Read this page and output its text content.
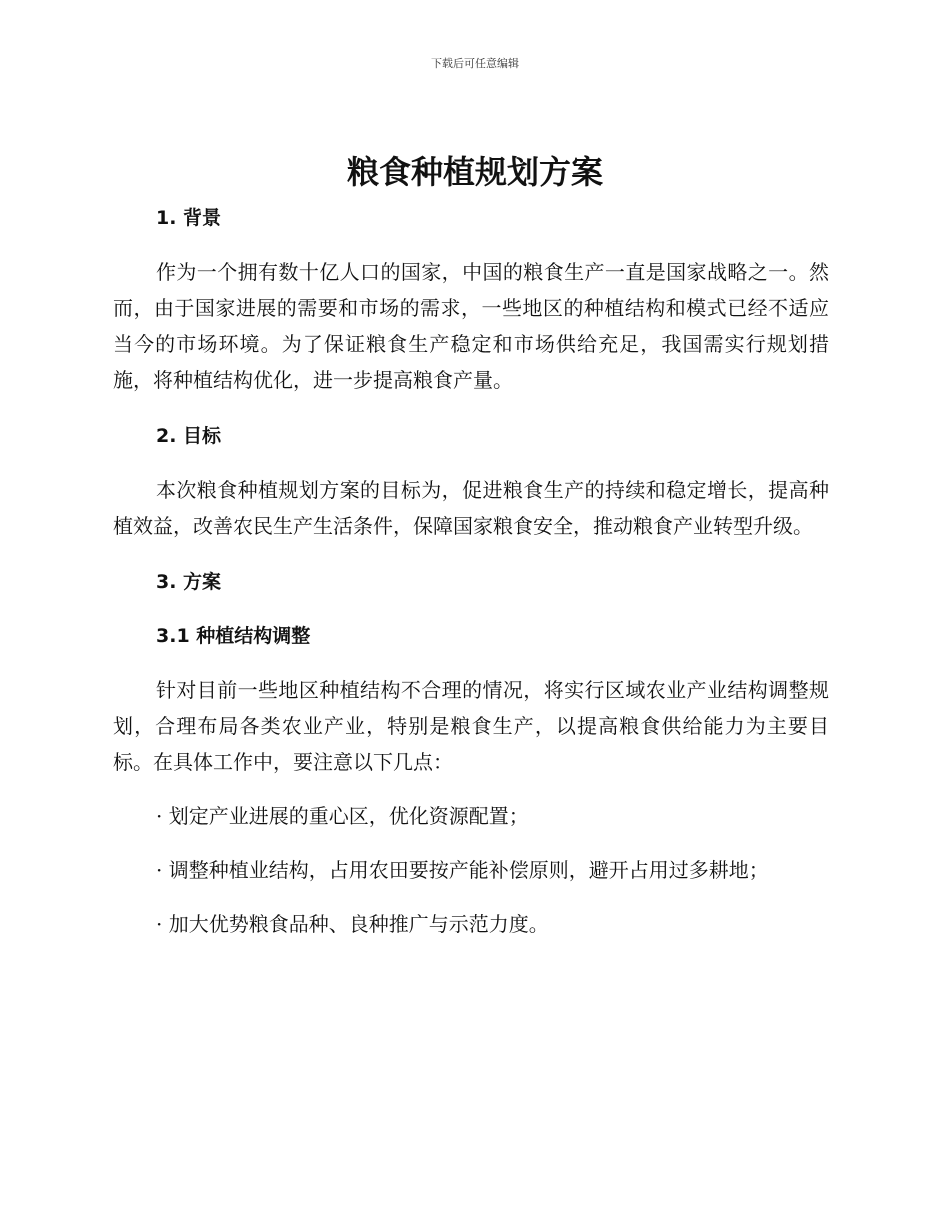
下载后可任意编辑
粮食种植规划方案
1. 背景

作为一个拥有数十亿人口的国家，中国的粮食生产一直是国家战略之一。然而，由于国家进展的需要和市场的需求，一些地区的种植结构和模式已经不适应当今的市场环境。为了保证粮食生产稳定和市场供给充足，我国需实行规划措施，将种植结构优化，进一步提高粮食产量。

2. 目标

本次粮食种植规划方案的目标为，促进粮食生产的持续和稳定增长，提高种植效益，改善农民生产生活条件，保障国家粮食安全，推动粮食产业转型升级。

3. 方案
3.1 种植结构调整

针对目前一些地区种植结构不合理的情况，将实行区域农业产业结构调整规划，合理布局各类农业产业，特别是粮食生产，以提高粮食供给能力为主要目标。在具体工作中，要注意以下几点：

· 划定产业进展的重心区，优化资源配置；

· 调整种植业结构，占用农田要按产能补偿原则，避开占用过多耕地；

· 加大优势粮食品种、良种推广与示范力度。
